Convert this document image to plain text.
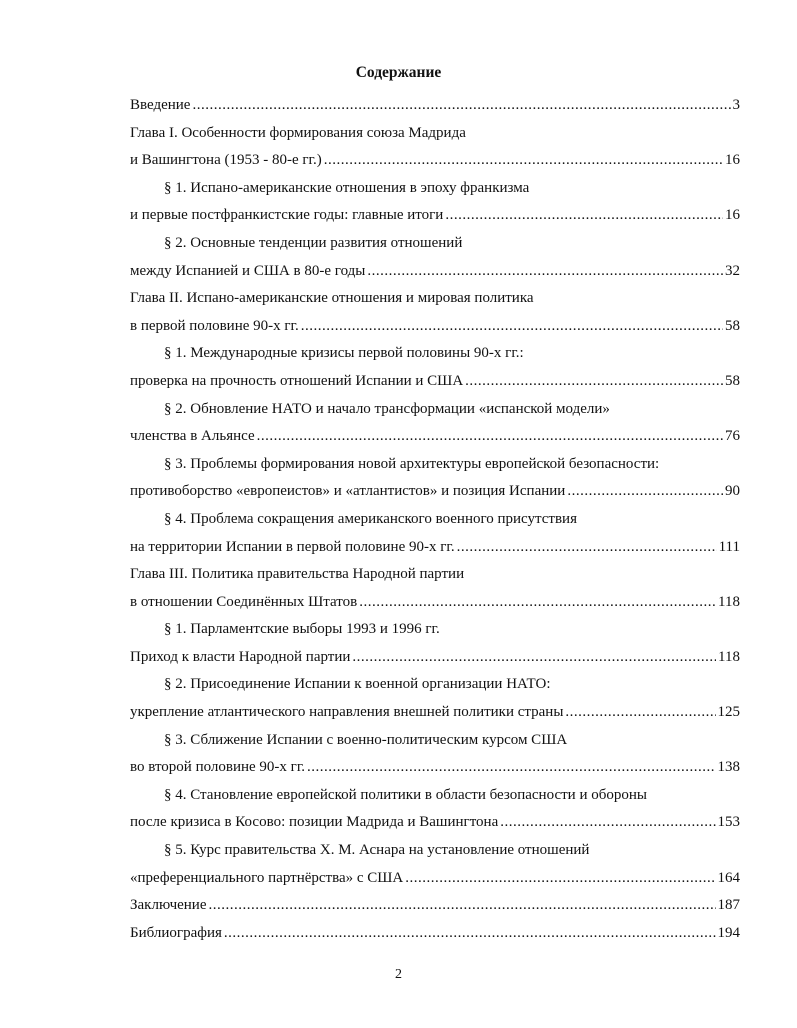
Содержание
Введение .....	3
Глава I. Особенности формирования союза Мадрида
и Вашингтона (1953 - 80-е гг.) .....	16
§ 1. Испано-американские отношения в эпоху франкизма
и первые постфранкистские годы: главные итоги .....	16
§ 2. Основные тенденции развития отношений
между Испанией и США в 80-е годы .....	32
Глава II. Испано-американские отношения и мировая политика
в первой половине 90-х гг. .....	58
§ 1. Международные кризисы первой половины 90-х гг.:
проверка на прочность отношений Испании и США .....	58
§ 2. Обновление НАТО и начало трансформации «испанской модели»
членства в Альянсе .....	76
§ 3. Проблемы формирования новой архитектуры европейской безопасности:
противоборство «европеистов» и «атлантистов» и позиция Испании .....	90
§ 4. Проблема сокращения американского военного присутствия
на территории Испании в первой половине 90-х гг. .....	111
Глава III. Политика правительства Народной партии
в отношении Соединённых Штатов .....	118
§ 1. Парламентские выборы 1993 и 1996 гг.
Приход к власти Народной партии .....	118
§ 2. Присоединение Испании к военной организации НАТО:
укрепление атлантического направления внешней политики страны .....	125
§ 3. Сближение Испании с военно-политическим курсом США
во второй половине 90-х гг. .....	138
§ 4. Становление европейской политики в области безопасности и обороны
после кризиса в Косово: позиции Мадрида и Вашингтона .....	153
§ 5. Курс правительства Х. М. Аснара на установление отношений
«преференциального партнёрства» с США .....	164
Заключение .....	187
Библиография .....	194
2
